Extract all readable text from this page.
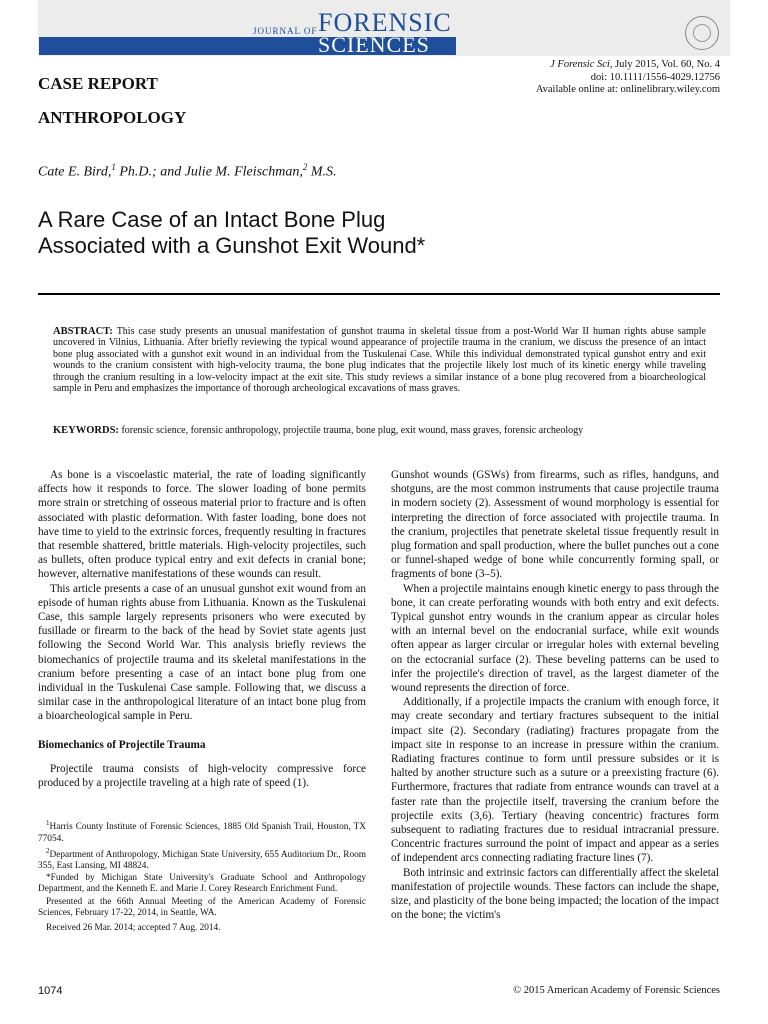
JOURNAL OF FORENSIC
SCIENCES
J Forensic Sci, July 2015, Vol. 60, No. 4
doi: 10.1111/1556-4029.12756
Available online at: onlinelibrary.wiley.com
CASE REPORT
ANTHROPOLOGY
Cate E. Bird,$^1$ Ph.D.; and Julie M. Fleischman,$^2$ M.S.
A Rare Case of an Intact Bone Plug
Associated with a Gunshot Exit Wound*
ABSTRACT: This case study presents an unusual manifestation of gunshot trauma in skeletal tissue from a post-World War II human rights abuse sample uncovered in Vilnius, Lithuania. After briefly reviewing the typical wound appearance of projectile trauma in the cranium, we discuss the presence of an intact bone plug associated with a gunshot exit wound in an individual from the Tuskulenai Case. While this individual demonstrated typical gunshot entry and exit wounds to the cranium consistent with high-velocity trauma, the bone plug indicates that the projectile likely lost much of its kinetic energy while traveling through the cranium resulting in a low-velocity impact at the exit site. This study reviews a similar instance of a bone plug recovered from a bioarcheological sample in Peru and emphasizes the importance of thorough archeological excavations of mass graves.
KEYWORDS: forensic science, forensic anthropology, projectile trauma, bone plug, exit wound, mass graves, forensic archeology

As bone is a viscoelastic material, the rate of loading significantly affects how it responds to force. The slower loading of bone permits more strain or stretching of osseous material prior to fracture and is often associated with plastic deformation. With faster loading, bone does not have time to yield to the extrinsic forces, frequently resulting in fractures that resemble shattered, brittle materials. High-velocity projectiles, such as bullets, often produce typical entry and exit defects in cranial bone; however, alternative manifestations of these wounds can result.

This article presents a case of an unusual gunshot exit wound from an episode of human rights abuse from Lithuania. Known as the Tuskulenai Case, this sample largely represents prisoners who were executed by fusillade or firearm to the back of the head by Soviet state agents just following the Second World War. This analysis briefly reviews the biomechanics of projectile trauma and its skeletal manifestations in the cranium before presenting a case of an intact bone plug from one individual in the Tuskulenai Case sample. Following that, we discuss a similar case in the anthropological literature of an intact bone plug from a bioarcheological sample in Peru.

Biomechanics of Projectile Trauma

Projectile trauma consists of high-velocity compressive force produced by a projectile traveling at a high rate of speed (1).

$^1$Harris County Institute of Forensic Sciences, 1885 Old Spanish Trail, Houston, TX 77054.

$^2$Department of Anthropology, Michigan State University, 655 Auditorium Dr., Room 355, East Lansing, MI 48824.

*Funded by Michigan State University's Graduate School and Anthropology Department, and the Kenneth E. and Marie J. Corey Research Enrichment Fund.

Presented at the 66th Annual Meeting of the American Academy of Forensic Sciences, February 17-22, 2014, in Seattle, WA.

Received 26 Mar. 2014; accepted 7 Aug. 2014.

Gunshot wounds (GSWs) from firearms, such as rifles, handguns, and shotguns, are the most common instruments that cause projectile trauma in modern society (2). Assessment of wound morphology is essential for interpreting the direction of force associated with projectile trauma. In the cranium, projectiles that penetrate skeletal tissue frequently result in plug formation and spall production, where the bullet punches out a cone or funnel-shaped wedge of bone while concurrently forming spall, or fragments of bone (3–5).

When a projectile maintains enough kinetic energy to pass through the bone, it can create perforating wounds with both entry and exit defects. Typical gunshot entry wounds in the cranium appear as circular holes with an internal bevel on the endocranial surface, while exit wounds often appear as larger circular or irregular holes with external beveling on the ectocranial surface (2). These beveling patterns can be used to infer the projectile's direction of travel, as the largest diameter of the wound represents the direction of force.

Additionally, if a projectile impacts the cranium with enough force, it may create secondary and tertiary fractures subsequent to the initial impact site (2). Secondary (radiating) fractures propagate from the impact site in response to an increase in pressure within the cranium. Radiating fractures continue to form until pressure subsides or it is halted by another structure such as a suture or a preexisting fracture (6). Furthermore, fractures that radiate from entrance wounds can travel at a faster rate than the projectile itself, traversing the cranium before the projectile exits (3,6). Tertiary (heaving concentric) fractures form subsequent to radiating fractures due to residual intracranial pressure. Concentric fractures surround the point of impact and appear as a series of independent arcs connecting radiating fracture lines (7).

Both intrinsic and extrinsic factors can differentially affect the skeletal manifestation of projectile wounds. These factors can include the shape, size, and plasticity of the bone being impacted; the location of the impact on the bone; the victim's

1074	© 2015 American Academy of Forensic Sciences
